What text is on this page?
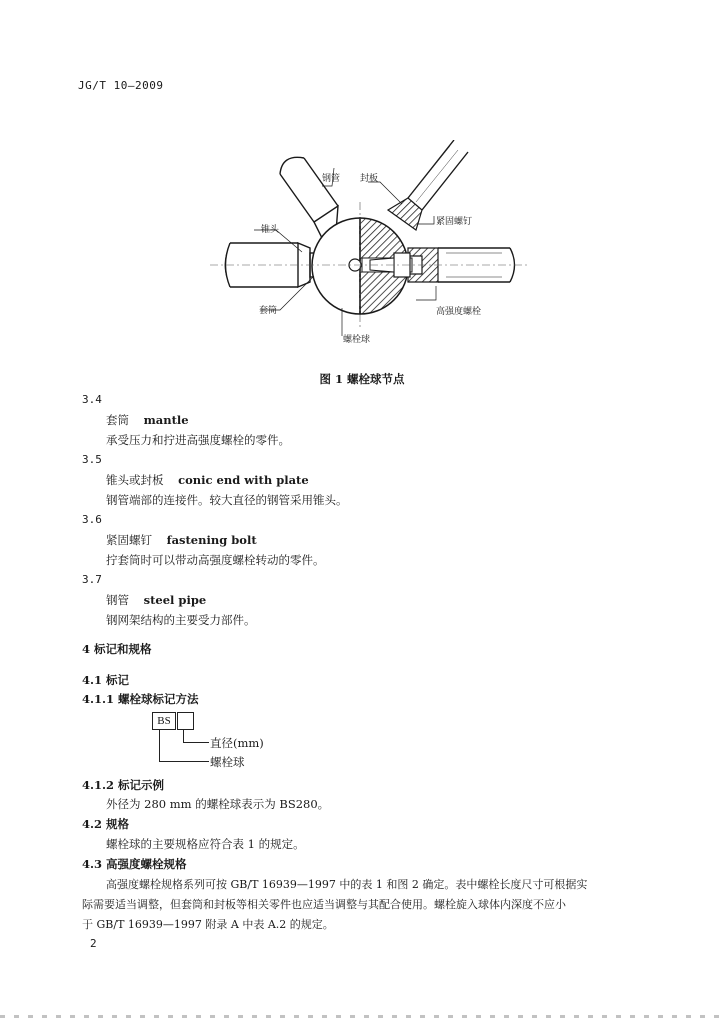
JG/T 10—2009
钢管 封板
锥头
紧固螺钉
套筒	高强度螺栓
螺栓球
图 1 螺栓球节点
3.4
套筒 mantle
承受压力和拧进高强度螺栓的零件。
3.5
锥头或封板 conic end with plate
钢管端部的连接件。较大直径的钢管采用锥头。
3.6
紧固螺钉 fastening bolt
拧套筒时可以带动高强度螺栓转动的零件。
3.7
钢管 steel pipe
钢网架结构的主要受力部件。
4 标记和规格
4.1 标记
4.1.1 螺栓球标记方法
BS
直径(mm)
螺栓球
4.1.2 标记示例
外径为 280 mm 的螺栓球表示为 BS280。
4.2 规格
螺栓球的主要规格应符合表 1 的规定。
4.3 高强度螺栓规格
高强度螺栓规格系列可按 GB/T 16939—1997 中的表 1 和图 2 确定。表中螺栓长度尺寸可根据实
际需要适当调整，但套筒和封板等相关零件也应适当调整与其配合使用。螺栓旋入球体内深度不应小
于 GB/T 16939—1997 附录 A 中表 A.2 的规定。
2
